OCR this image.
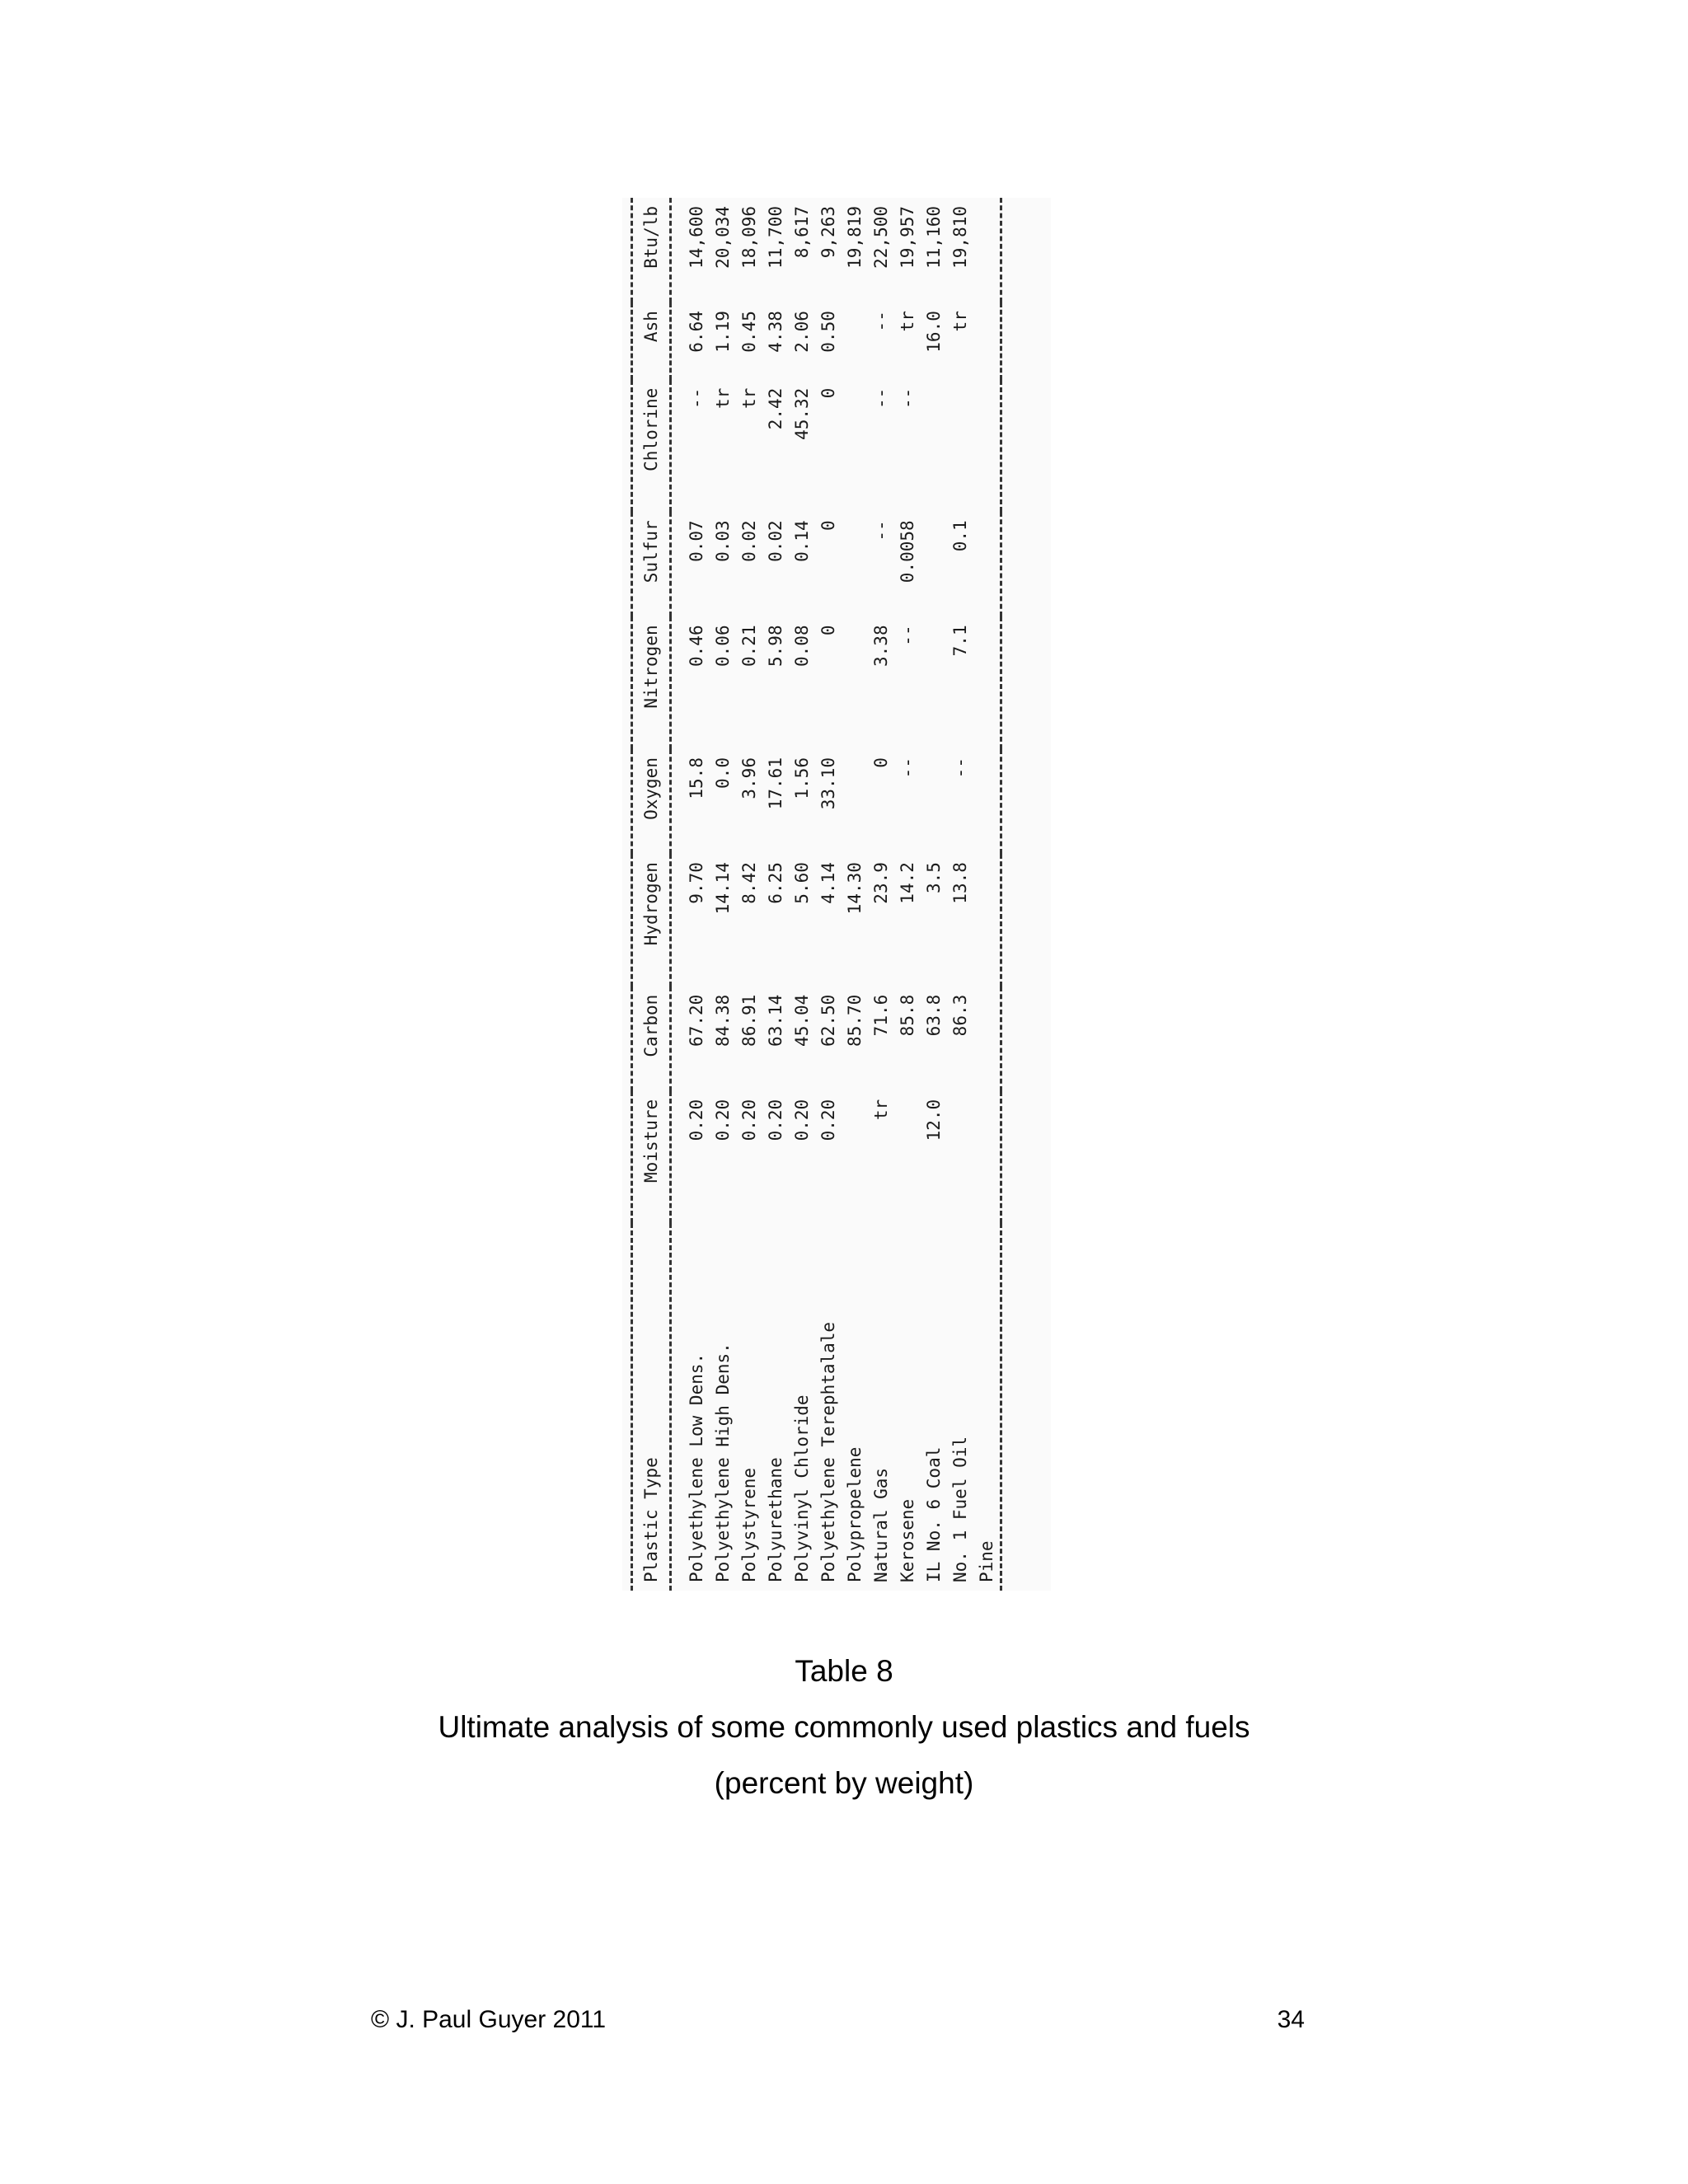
Plastic Type	Moisture	Carbon	Hydrogen	Oxygen	Nitrogen	Sulfur	Chlorine	Ash	Btu/lb
Polyethylene Low Dens.	0.20	67.20	9.70	15.8	0.46	0.07	--	6.64	14,600
Polyethylene High Dens.	0.20	84.38	14.14	0.0	0.06	0.03	tr	1.19	20,034
Polystyrene	0.20	86.91	8.42	3.96	0.21	0.02	tr	0.45	18,096
Polyurethane	0.20	63.14	6.25	17.61	5.98	0.02	2.42	4.38	11,700
Polyvinyl Chloride	0.20	45.04	5.60	1.56	0.08	0.14	45.32	2.06	8,617
Polyethylene Terephtalale	0.20	62.50	4.14	33.10	0	0	0	0.50	9,263
Polypropelene		85.70	14.30						19,819
Natural Gas	tr	71.6	23.9	0	3.38	--	--	--	22,500
Kerosene		85.8	14.2	--	--	0.0058	--	tr	19,957
IL No. 6 Coal	12.0	63.8	3.5					16.0	11,160
No. 1 Fuel Oil		86.3	13.8	--	7.1	0.1		tr	19,810
Pine									

Table 8
Ultimate analysis of some commonly used plastics and fuels
(percent by weight)
© J. Paul Guyer 2011	34
